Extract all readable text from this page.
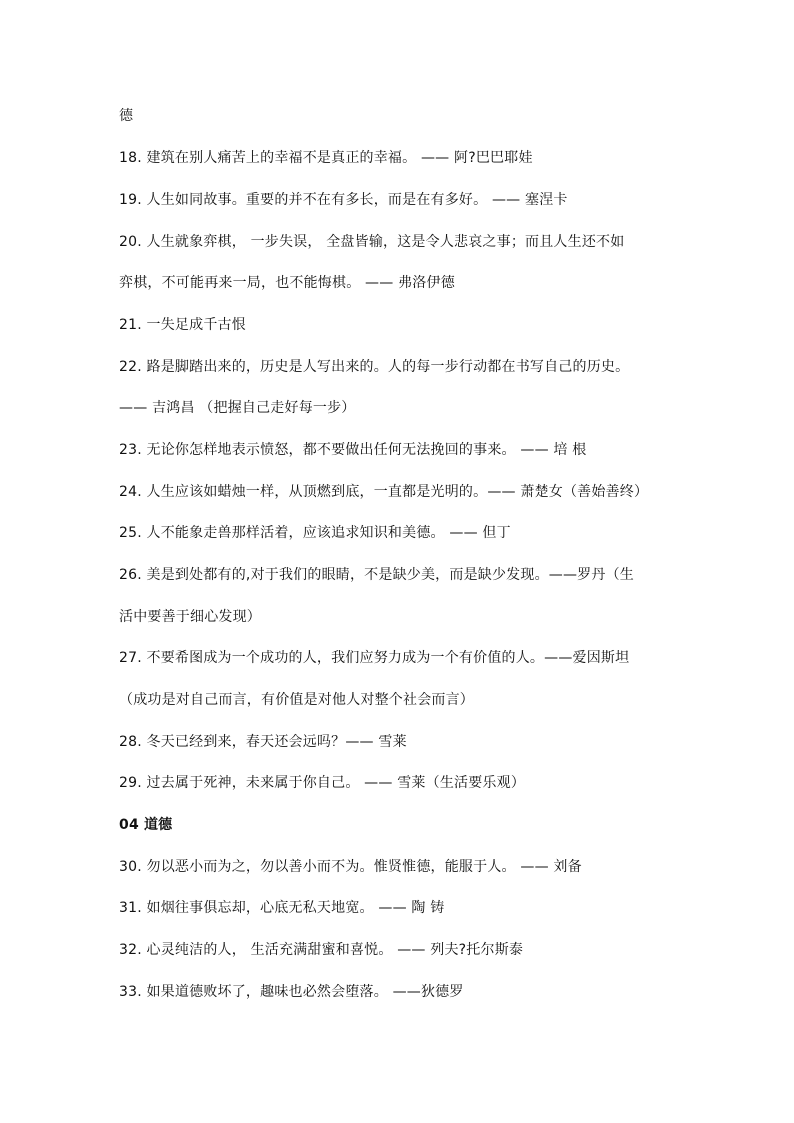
德
18. 建筑在别人痛苦上的幸福不是真正的幸福。 —— 阿?巴巴耶娃
19. 人生如同故事。重要的并不在有多长，而是在有多好。 —— 塞涅卡
20. 人生就象弈棋， 一步失误， 全盘皆输，这是令人悲哀之事；而且人生还不如
弈棋，不可能再来一局，也不能悔棋。 —— 弗洛伊德
21. 一失足成千古恨
22. 路是脚踏出来的，历史是人写出来的。人的每一步行动都在书写自己的历史。
—— 吉鸿昌 （把握自己走好每一步）
23. 无论你怎样地表示愤怒，都不要做出任何无法挽回的事来。 —— 培 根
24. 人生应该如蜡烛一样，从顶燃到底，一直都是光明的。—— 萧楚女（善始善终）
25. 人不能象走兽那样活着，应该追求知识和美德。 —— 但丁
26. 美是到处都有的,对于我们的眼睛，不是缺少美，而是缺少发现。——罗丹（生
活中要善于细心发现）
27. 不要希图成为一个成功的人，我们应努力成为一个有价值的人。——爱因斯坦
（成功是对自己而言，有价值是对他人对整个社会而言）
28. 冬天已经到来，春天还会远吗？—— 雪莱
29. 过去属于死神，未来属于你自己。 —— 雪莱（生活要乐观）
04 道德
30. 勿以恶小而为之，勿以善小而不为。惟贤惟德，能服于人。 —— 刘备
31. 如烟往事俱忘却，心底无私天地宽。 —— 陶 铸
32. 心灵纯洁的人， 生活充满甜蜜和喜悦。 —— 列夫?托尔斯泰
33. 如果道德败坏了，趣味也必然会堕落。 ——狄德罗
